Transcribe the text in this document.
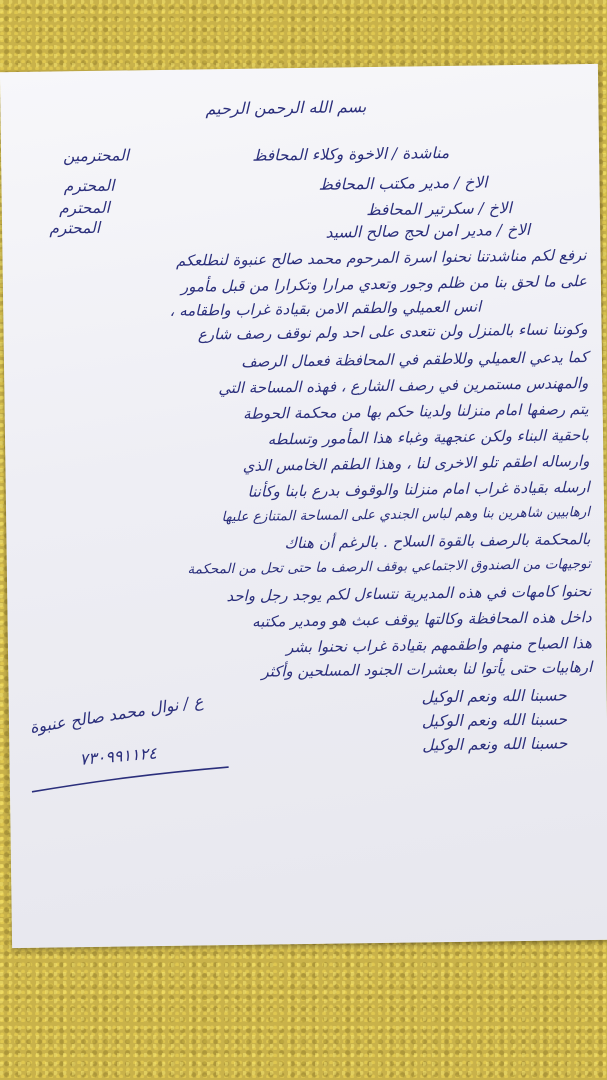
بسم الله الرحمن الرحيم
مناشدة / الاخوة وكلاء المحافظ
المحترمين
الاخ / مدير مكتب المحافظ
المحترم
الاخ / سكرتير المحافظ
المحترم
الاخ / مدير امن لحج صالح السيد
المحترم
نرفع لكم مناشدتنا نحنوا اسرة المرحوم محمد صالح عنبوة لنطلعكم
على ما لحق بنا من ظلم وجور وتعدي مرارا وتكرارا من قبل مأمور
انس العميلي والطقم الامن بقيادة غراب واطقامه ،
وكوننا نساء بالمنزل ولن نتعدى على احد ولم نوقف رصف شارع
كما يدعي العميلي وللاطقم في المحافظة فعمال الرصف
والمهندس مستمرين في رصف الشارع ، فهذه المساحة التي
يتم رصفها امام منزلنا ولدينا حكم بها من محكمة الحوطة
باحقية البناء ولكن عنجهية وغباء هذا المأمور وتسلطه
وارساله اطقم تلو الاخرى لنا ، وهذا الطقم الخامس الذي
ارسله بقيادة غراب امام منزلنا والوقوف بدرع بابنا وكأننا
ارهابيين شاهرين بنا وهم لباس الجندي على المساحة المتنازع عليها
بالمحكمة بالرصف بالقوة السلاح . بالرغم أن هناك
توجيهات من الصندوق الاجتماعي بوقف الرصف ما حتى تحل من المحكمة
نحنوا كامهات في هذه المديرية نتساءل لكم يوجد رجل واحد
داخل هذه المحافظة وكالتها يوقف عبث هو ومدير مكتبه
هذا الصباح منهم واطقمهم بقيادة غراب نحنوا بشر
ارهابيات حتى يأتوا لنا بعشرات الجنود المسلحين وأكثر
حسبنا الله ونعم الوكيل
حسبنا الله ونعم الوكيل
حسبنا الله ونعم الوكيل
ع / نوال محمد صالح عنبوة
٧٣٠٩٩١١٢٤
